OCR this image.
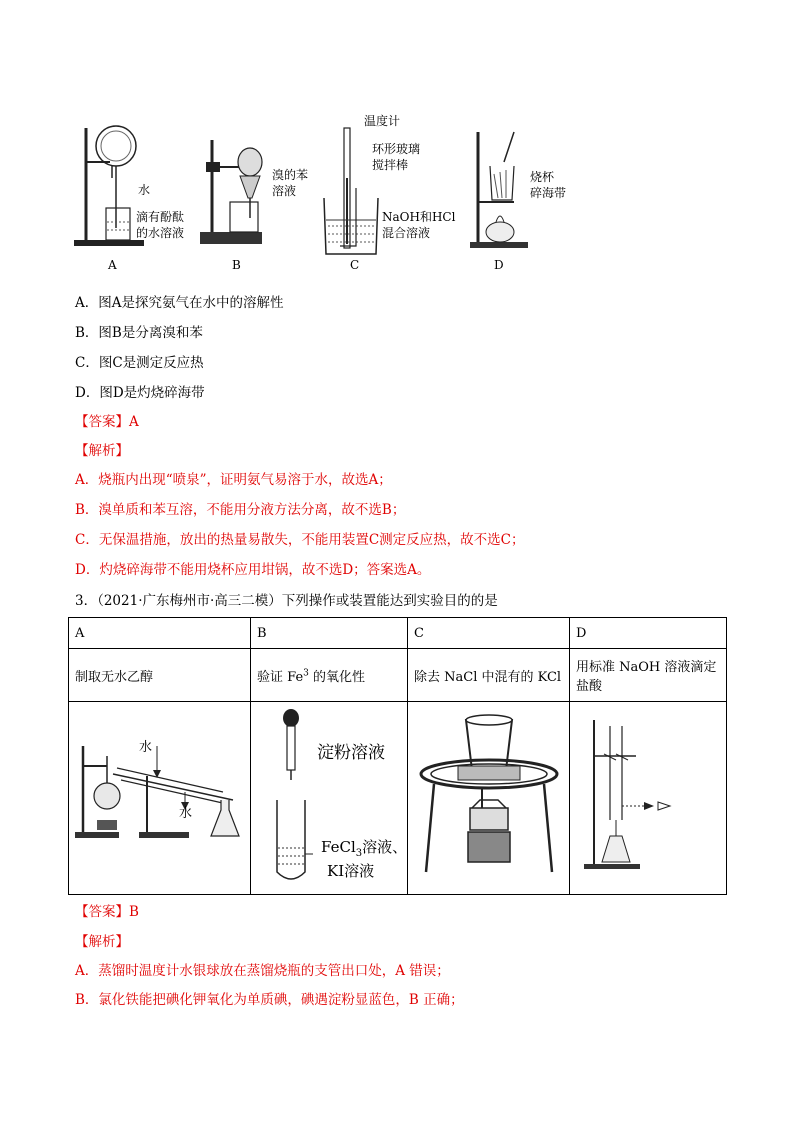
水
滴有酚酞
的水溶液
溴的苯
溶液
温度计
环形玻璃
搅拌棒
NaOH和HCl
混合溶液
烧杯
碎海带
A	B	C	D
A．图A是探究氨气在水中的溶解性
B．图B是分离溴和苯
C．图C是测定反应热
D．图D是灼烧碎海带
【答案】A
【解析】
A．烧瓶内出现“喷泉”，证明氨气易溶于水，故选A；
B．溴单质和苯互溶，不能用分液方法分离，故不选B；
C．无保温措施，放出的热量易散失，不能用装置C测定反应热，故不选C；
D．灼烧碎海带不能用烧杯应用坩锅，故不选D；答案选A。
3．（2021·广东梅州市·高三二模）下列操作或装置能达到实验目的的是
A	B	C	D
制取无水乙醇	验证 Fe$^3$ 的氧化性	除去 NaCl 中混有的 KCl	用标准 NaOH 溶液滴定盐酸

水
水	淀粉溶液
FeCl$_3$溶液、
KI溶液

【答案】B
【解析】
A．蒸馏时温度计水银球放在蒸馏烧瓶的支管出口处，A 错误；
B．氯化铁能把碘化钾氧化为单质碘，碘遇淀粉显蓝色，B 正确；
